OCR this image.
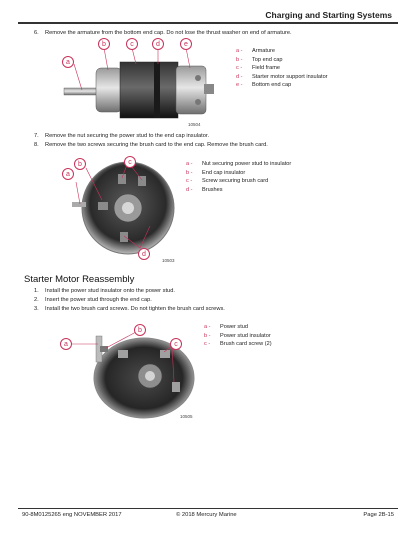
Charging and Starting Systems
6. Remove the armature from the bottom end cap. Do not lose the thrust washer on end of armature.
a
b	c	d	e
10504
a - Armature
b - Top end cap
c - Field frame
d - Starter motor support insulator
e - Bottom end cap
7. Remove the nut securing the power stud to the end cap insulator.
8. Remove the two screws securing the brush card to the end cap. Remove the brush card.
a
b	c
d
10503
a - Nut securing power stud to insulator
b - End cap insulator
c - Screw securing brush card
d - Brushes
Starter Motor Reassembly
1. Install the power stud insulator onto the power stud.
2. Insert the power stud through the end cap.
3. Install the two brush card screws. Do not tighten the brush card screws.
a
b
c
10505
a - Power stud
b - Power stud insulator
c - Brush card screw (2)
90-8M0125265 eng NOVEMBER 2017	© 2018 Mercury Marine	Page 2B-15
